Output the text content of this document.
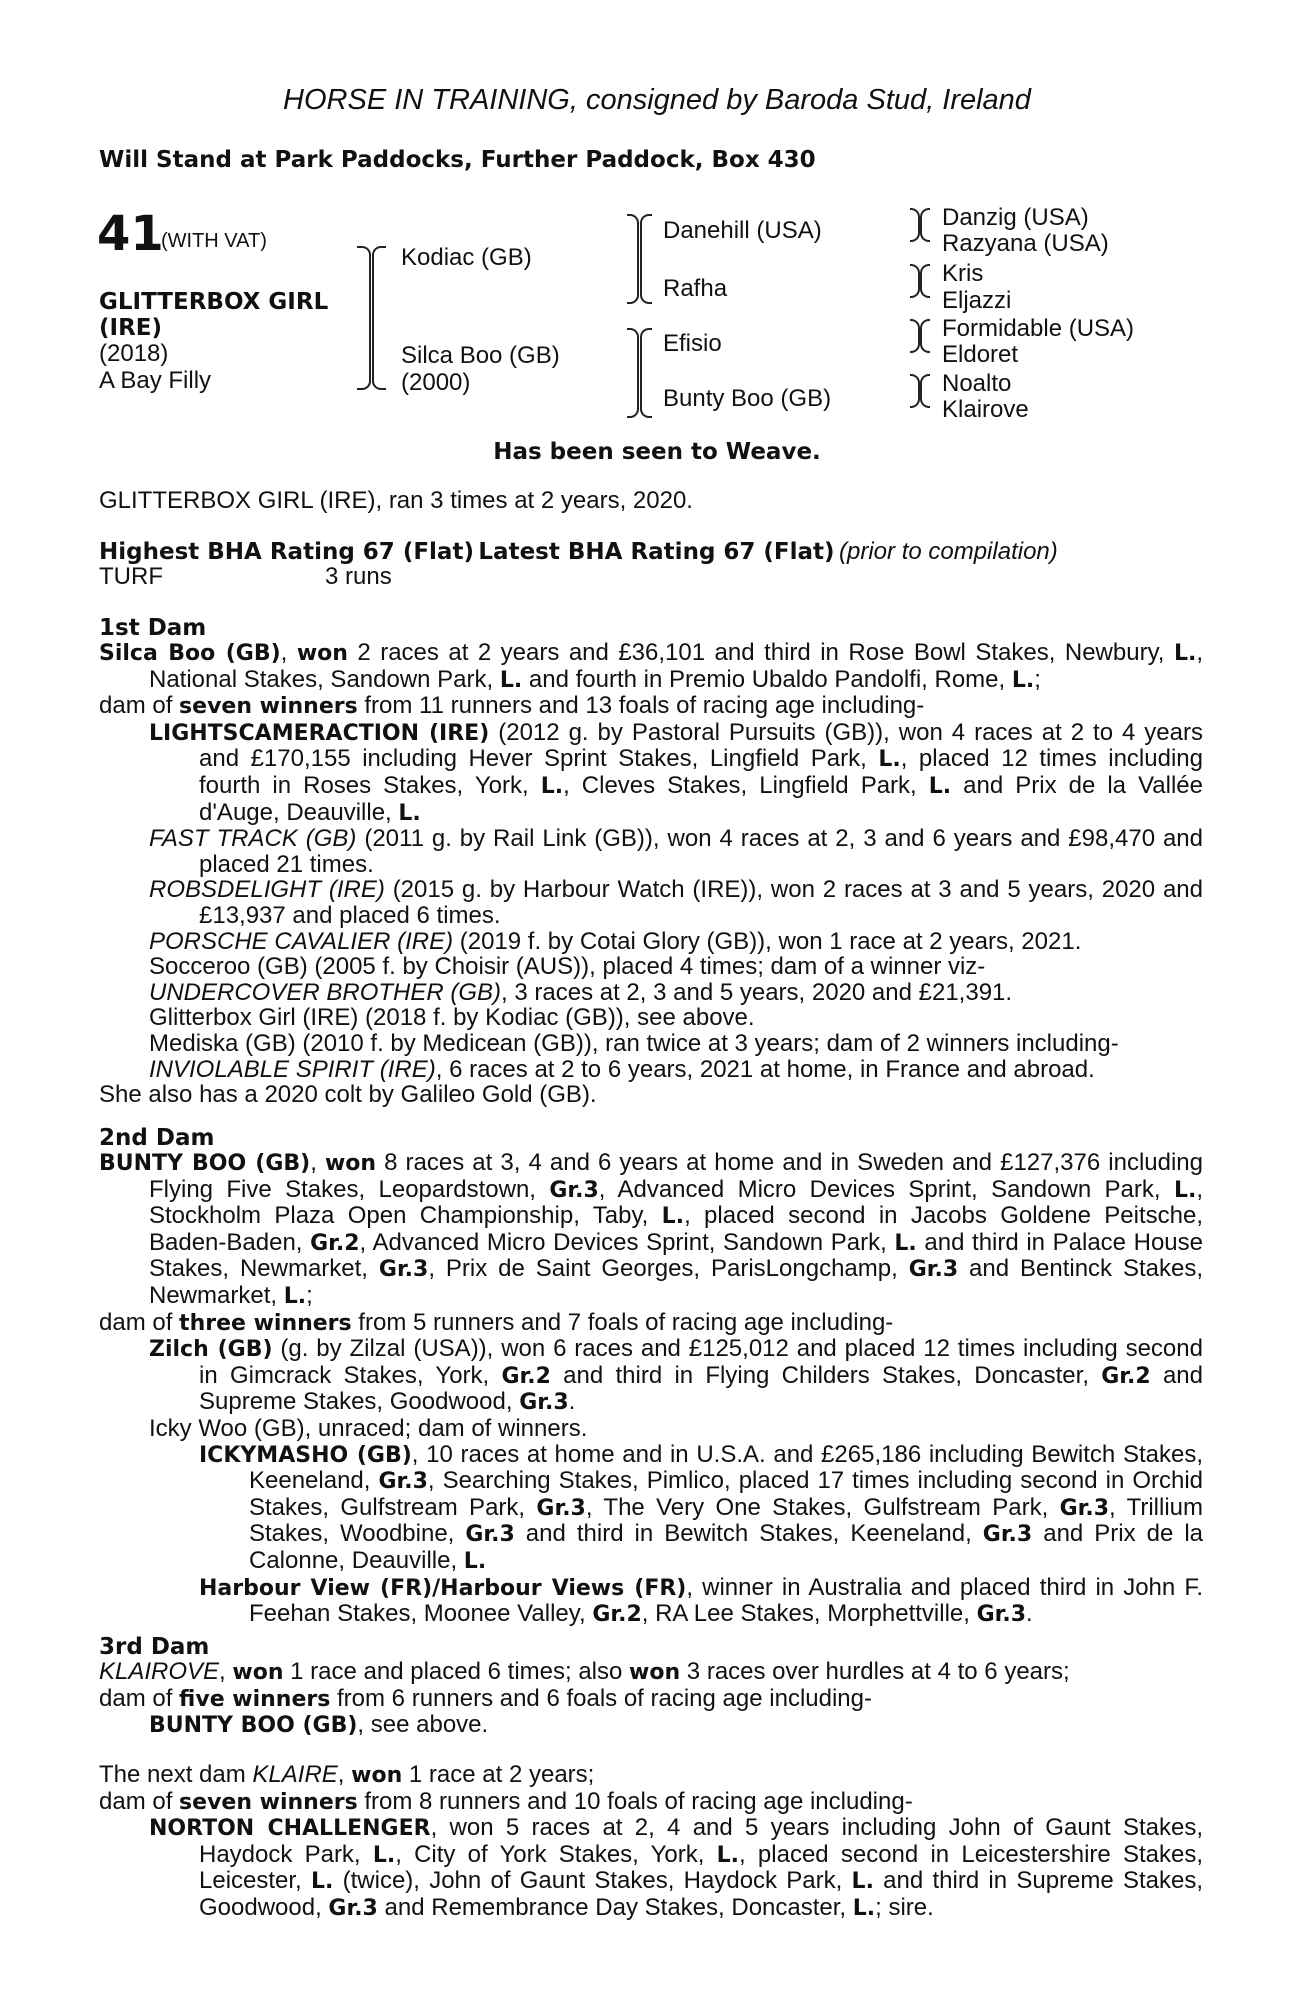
HORSE IN TRAINING, consigned by Baroda Stud, Ireland
Will Stand at Park Paddocks, Further Paddock, Box 430
41
(WITH VAT)
GLITTERBOX GIRL
(IRE)
(2018)
A Bay Filly
Kodiac (GB)
Silca Boo (GB)
(2000)
Danehill (USA)
Rafha
Efisio
Bunty Boo (GB)
Danzig (USA)
Razyana (USA)
Kris
Eljazzi
Formidable (USA)
Eldoret
Noalto
Klairove
Has been seen to Weave.
GLITTERBOX GIRL (IRE), ran 3 times at 2 years, 2020.
Highest BHA Rating 67 (Flat) Latest BHA Rating 67 (Flat) (prior to compilation)
TURF	3 runs
1st Dam

Silca Boo (GB), won 2 races at 2 years and £36,101 and third in Rose Bowl Stakes, Newbury, L., National Stakes, Sandown Park, L. and fourth in Premio Ubaldo Pandolfi, Rome, L.;

dam of seven winners from 11 runners and 13 foals of racing age including-

LIGHTSCAMERACTION (IRE) (2012 g. by Pastoral Pursuits (GB)), won 4 races at 2 to 4 years and £170,155 including Hever Sprint Stakes, Lingfield Park, L., placed 12 times including fourth in Roses Stakes, York, L., Cleves Stakes, Lingfield Park, L. and Prix de la Vallée d'Auge, Deauville, L.

FAST TRACK (GB) (2011 g. by Rail Link (GB)), won 4 races at 2, 3 and 6 years and £98,470 and placed 21 times.

ROBSDELIGHT (IRE) (2015 g. by Harbour Watch (IRE)), won 2 races at 3 and 5 years, 2020 and £13,937 and placed 6 times.

PORSCHE CAVALIER (IRE) (2019 f. by Cotai Glory (GB)), won 1 race at 2 years, 2021.

Socceroo (GB) (2005 f. by Choisir (AUS)), placed 4 times; dam of a winner viz-

UNDERCOVER BROTHER (GB), 3 races at 2, 3 and 5 years, 2020 and £21,391.

Glitterbox Girl (IRE) (2018 f. by Kodiac (GB)), see above.

Mediska (GB) (2010 f. by Medicean (GB)), ran twice at 3 years; dam of 2 winners including-

INVIOLABLE SPIRIT (IRE), 6 races at 2 to 6 years, 2021 at home, in France and abroad.

She also has a 2020 colt by Galileo Gold (GB).

2nd Dam

BUNTY BOO (GB), won 8 races at 3, 4 and 6 years at home and in Sweden and £127,376 including Flying Five Stakes, Leopardstown, Gr.3, Advanced Micro Devices Sprint, Sandown Park, L., Stockholm Plaza Open Championship, Taby, L., placed second in Jacobs Goldene Peitsche, Baden-Baden, Gr.2, Advanced Micro Devices Sprint, Sandown Park, L. and third in Palace House Stakes, Newmarket, Gr.3, Prix de Saint Georges, ParisLongchamp, Gr.3 and Bentinck Stakes, Newmarket, L.;

dam of three winners from 5 runners and 7 foals of racing age including-

Zilch (GB) (g. by Zilzal (USA)), won 6 races and £125,012 and placed 12 times including second in Gimcrack Stakes, York, Gr.2 and third in Flying Childers Stakes, Doncaster, Gr.2 and Supreme Stakes, Goodwood, Gr.3.

Icky Woo (GB), unraced; dam of winners.

ICKYMASHO (GB), 10 races at home and in U.S.A. and £265,186 including Bewitch Stakes, Keeneland, Gr.3, Searching Stakes, Pimlico, placed 17 times including second in Orchid Stakes, Gulfstream Park, Gr.3, The Very One Stakes, Gulfstream Park, Gr.3, Trillium Stakes, Woodbine, Gr.3 and third in Bewitch Stakes, Keeneland, Gr.3 and Prix de la Calonne, Deauville, L.

Harbour View (FR)/Harbour Views (FR), winner in Australia and placed third in John F. Feehan Stakes, Moonee Valley, Gr.2, RA Lee Stakes, Morphettville, Gr.3.

3rd Dam

KLAIROVE, won 1 race and placed 6 times; also won 3 races over hurdles at 4 to 6 years;

dam of five winners from 6 runners and 6 foals of racing age including-

BUNTY BOO (GB), see above.

The next dam KLAIRE, won 1 race at 2 years;

dam of seven winners from 8 runners and 10 foals of racing age including-

NORTON CHALLENGER, won 5 races at 2, 4 and 5 years including John of Gaunt Stakes, Haydock Park, L., City of York Stakes, York, L., placed second in Leicestershire Stakes, Leicester, L. (twice), John of Gaunt Stakes, Haydock Park, L. and third in Supreme Stakes, Goodwood, Gr.3 and Remembrance Day Stakes, Doncaster, L.; sire.
